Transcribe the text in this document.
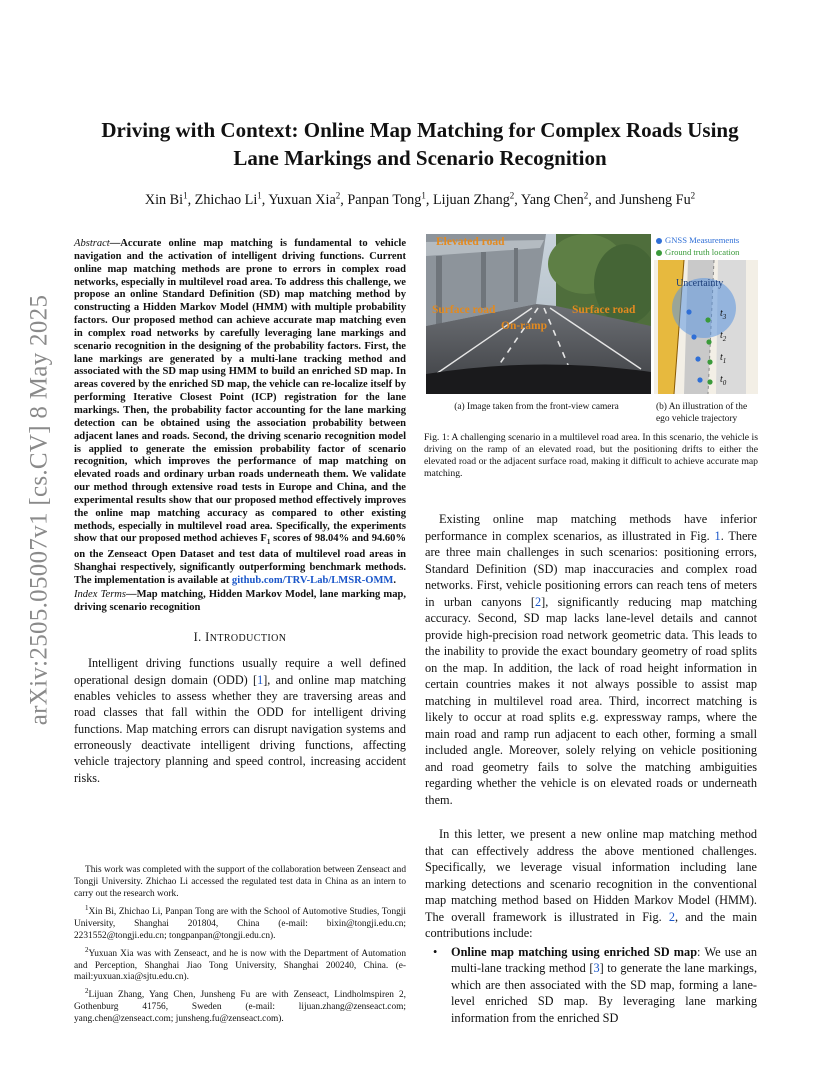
arXiv:2505.05007v1 [cs.CV] 8 May 2025
Driving with Context: Online Map Matching for Complex Roads Using
Lane Markings and Scenario Recognition
Xin Bi$^1$, Zhichao Li$^1$, Yuxuan Xia$^2$, Panpan Tong$^1$, Lijuan Zhang$^2$, Yang Chen$^2$, and Junsheng Fu$^2$
Abstract—Accurate online map matching is fundamental to vehicle navigation and the activation of intelligent driving functions. Current online map matching methods are prone to errors in complex road networks, especially in multilevel road area. To address this challenge, we propose an online Standard Definition (SD) map matching method by constructing a Hidden Markov Model (HMM) with multiple probability factors. Our proposed method can achieve accurate map matching even in complex road networks by carefully leveraging lane markings and scenario recognition in the designing of the probability factors. First, the lane markings are generated by a multi-lane tracking method and associated with the SD map using HMM to build an enriched SD map. In areas covered by the enriched SD map, the vehicle can re-localize itself by performing Iterative Closest Point (ICP) registration for the lane markings. Then, the probability factor accounting for the lane marking detection can be obtained using the association probability between adjacent lanes and roads. Second, the driving scenario recognition model is applied to generate the emission probability factor of scenario recognition, which improves the performance of map matching on elevated roads and ordinary urban roads underneath them. We validate our method through extensive road tests in Europe and China, and the experimental results show that our proposed method effectively improves the online map matching accuracy as compared to other existing methods, especially in multilevel road area. Specifically, the experiments show that our proposed method achieves $F_1$ scores of 98.04% and 94.60% on the Zenseact Open Dataset and test data of multilevel road areas in Shanghai respectively, significantly outperforming benchmark methods. The implementation is available at github.com/TRV-Lab/LMSR-OMM.
Index Terms—Map matching, Hidden Markov Model, lane marking map, driving scenario recognition
I. INTRODUCTION

Intelligent driving functions usually require a well defined operational design domain (ODD) [1], and online map matching enables vehicles to assess whether they are traversing areas and road classes that fall within the ODD for intelligent driving functions. Map matching errors can disrupt navigation systems and erroneously deactivate intelligent driving functions, affecting vehicle trajectory planning and speed control, increasing accident risks.

This work was completed with the support of the collaboration between Zenseact and Tongji University. Zhichao Li accessed the regulated test data in China as an intern to carry out the research work.

$^1$Xin Bi, Zhichao Li, Panpan Tong are with the School of Automotive Studies, Tongji University, Shanghai 201804, China (e-mail: bixin@tongji.edu.cn; 2231552@tongji.edu.cn; tongpanpan@tongji.edu.cn).

$^2$Yuxuan Xia was with Zenseact, and he is now with the Department of Automation and Perception, Shanghai Jiao Tong University, Shanghai 200240, China. (e-mail:yuxuan.xia@sjtu.edu.cn).

$^2$Lijuan Zhang, Yang Chen, Junsheng Fu are with Zenseact, Lindholmspiren 2, Gothenburg 41756, Sweden (e-mail: lijuan.zhang@zenseact.com; yang.chen@zenseact.com; junsheng.fu@zenseact.com).

Elevated road
Surface road	Surface road
On-ramp
GNSS Measurements
Ground truth location
Uncertainty
$t_3$
$t_2$
$t_1$
$t_0$
(a) Image taken from the front-view camera	(b) An illustration of the ego vehicle trajectory
Fig. 1: A challenging scenario in a multilevel road area. In this scenario, the vehicle is driving on the ramp of an elevated road, but the positioning drifts to either the elevated road or the adjacent surface road, making it difficult to achieve accurate map matching.

Existing online map matching methods have inferior performance in complex scenarios, as illustrated in Fig. 1. There are three main challenges in such scenarios: positioning errors, Standard Definition (SD) map inaccuracies and complex road networks. First, vehicle positioning errors can reach tens of meters in urban canyons [2], significantly reducing map matching accuracy. Second, SD map lacks lane-level details and cannot provide high-precision road network geometric data. This leads to the inability to provide the exact boundary geometry of road splits on the map. In addition, the lack of road height information in certain countries makes it not always possible to assist map matching in multilevel road area. Third, incorrect matching is likely to occur at road splits e.g. expressway ramps, where the main road and ramp run adjacent to each other, forming a small included angle. Moreover, solely relying on vehicle positioning and road geometry fails to solve the matching ambiguities regarding whether the vehicle is on elevated roads or underneath them.

In this letter, we present a new online map matching method that can effectively address the above mentioned challenges. Specifically, we leverage visual information including lane marking detections and scenario recognition in the conventional map matching method based on Hidden Markov Model (HMM). The overall framework is illustrated in Fig. 2, and the main contributions include:

• Online map matching using enriched SD map: We use an multi-lane tracking method [3] to generate the lane markings, which are then associated with the SD map, forming a lane-level enriched SD map. By leveraging lane marking information from the enriched SD
